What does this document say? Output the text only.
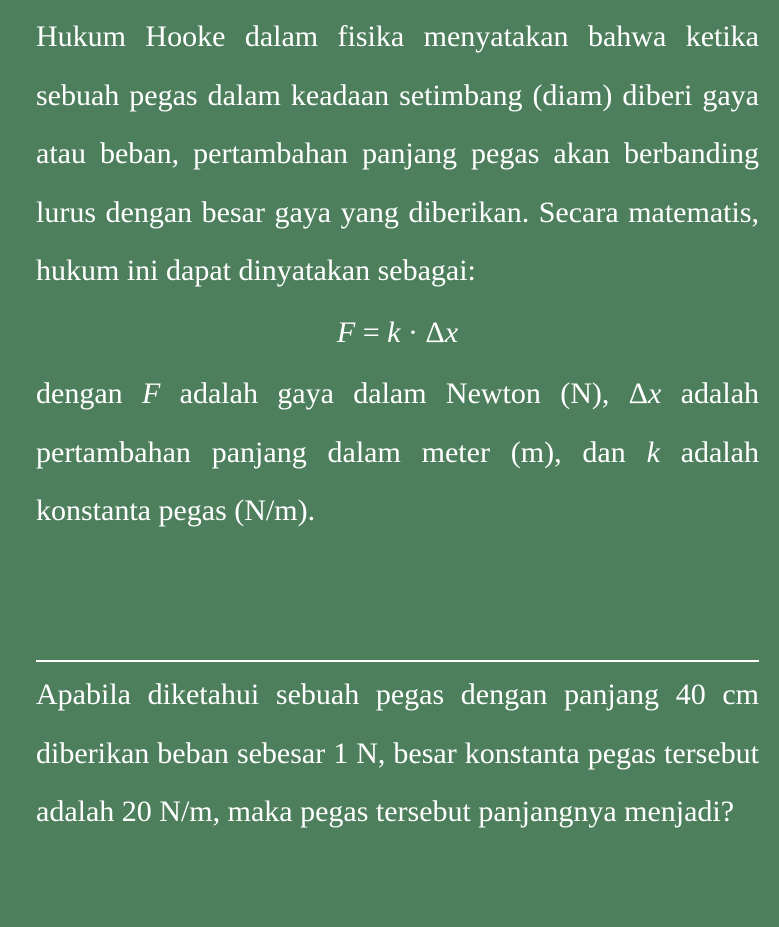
Hukum Hooke dalam fisika menyatakan bahwa ketika sebuah pegas dalam keadaan setimbang (diam) diberi gaya atau beban, pertambahan panjang pegas akan berbanding lurus dengan besar gaya yang diberikan. Secara matematis, hukum ini dapat dinyatakan sebagai:

F = k · Δx

dengan F adalah gaya dalam Newton (N), Δx adalah pertambahan panjang dalam meter (m), dan k adalah konstanta pegas (N/m).

Apabila diketahui sebuah pegas dengan panjang 40 cm diberikan beban sebesar 1 N, besar konstanta pegas tersebut adalah 20 N/m, maka pegas tersebut panjangnya menjadi?
